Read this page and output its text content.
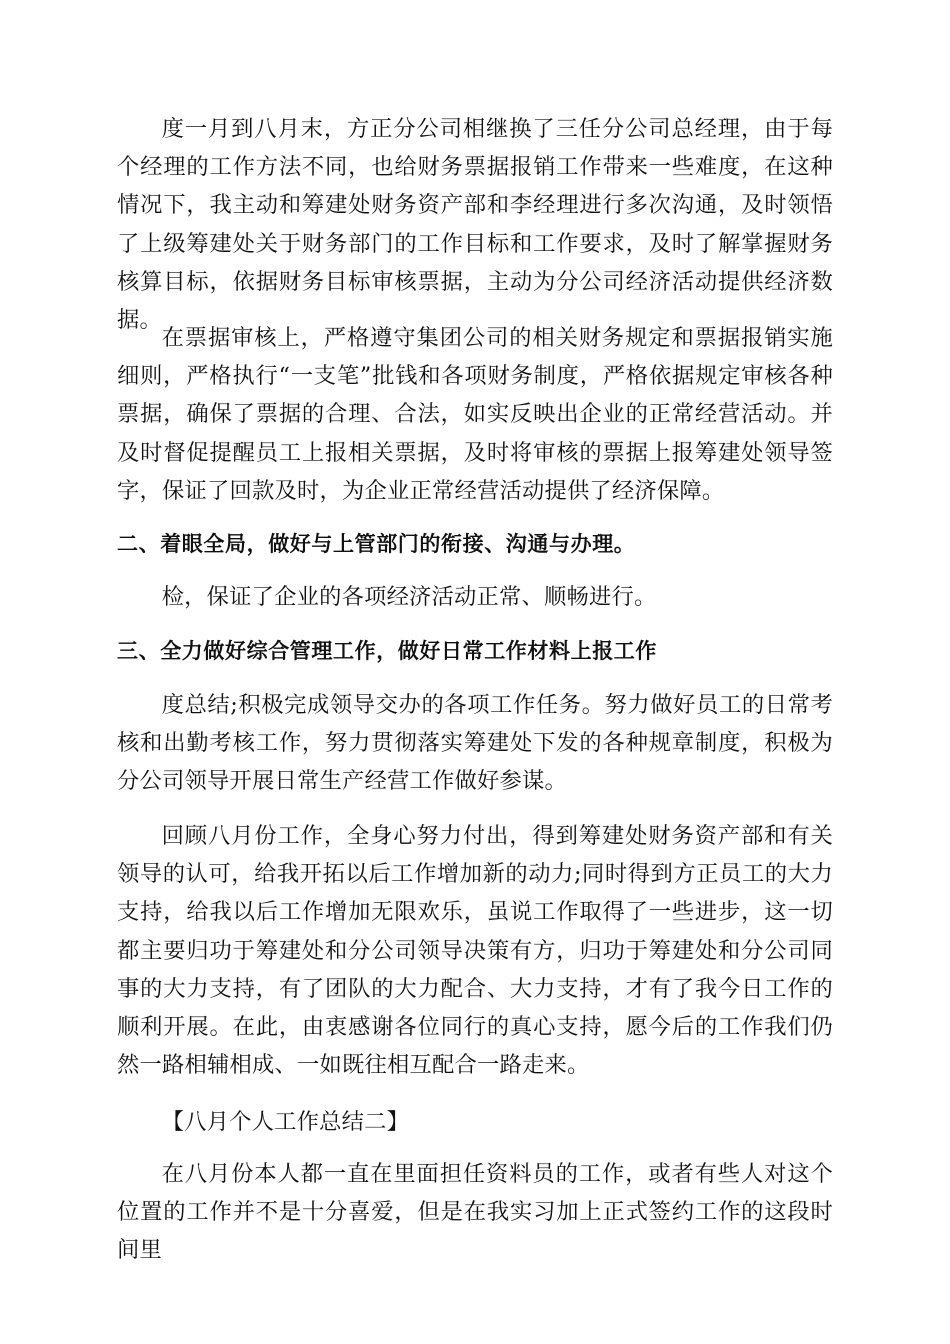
度一月到八月末，方正分公司相继换了三任分公司总经理，由于每个经理的工作方法不同，也给财务票据报销工作带来一些难度，在这种情况下，我主动和筹建处财务资产部和李经理进行多次沟通，及时领悟了上级筹建处关于财务部门的工作目标和工作要求，及时了解掌握财务核算目标，依据财务目标审核票据，主动为分公司经济活动提供经济数据。

在票据审核上，严格遵守集团公司的相关财务规定和票据报销实施细则，严格执行“一支笔”批钱和各项财务制度，严格依据规定审核各种票据，确保了票据的合理、合法，如实反映出企业的正常经营活动。并及时督促提醒员工上报相关票据，及时将审核的票据上报筹建处领导签字，保证了回款及时，为企业正常经营活动提供了经济保障。

二、着眼全局，做好与上管部门的衔接、沟通与办理。

检，保证了企业的各项经济活动正常、顺畅进行。

三、全力做好综合管理工作，做好日常工作材料上报工作

度总结;积极完成领导交办的各项工作任务。努力做好员工的日常考核和出勤考核工作，努力贯彻落实筹建处下发的各种规章制度，积极为分公司领导开展日常生产经营工作做好参谋。

回顾八月份工作，全身心努力付出，得到筹建处财务资产部和有关领导的认可，给我开拓以后工作增加新的动力;同时得到方正员工的大力支持，给我以后工作增加无限欢乐，虽说工作取得了一些进步，这一切都主要归功于筹建处和分公司领导决策有方，归功于筹建处和分公司同事的大力支持，有了团队的大力配合、大力支持，才有了我今日工作的顺利开展。在此，由衷感谢各位同行的真心支持，愿今后的工作我们仍然一路相辅相成、一如既往相互配合一路走来。

【八月个人工作总结二】

在八月份本人都一直在里面担任资料员的工作，或者有些人对这个位置的工作并不是十分喜爱，但是在我实习加上正式签约工作的这段时间里
